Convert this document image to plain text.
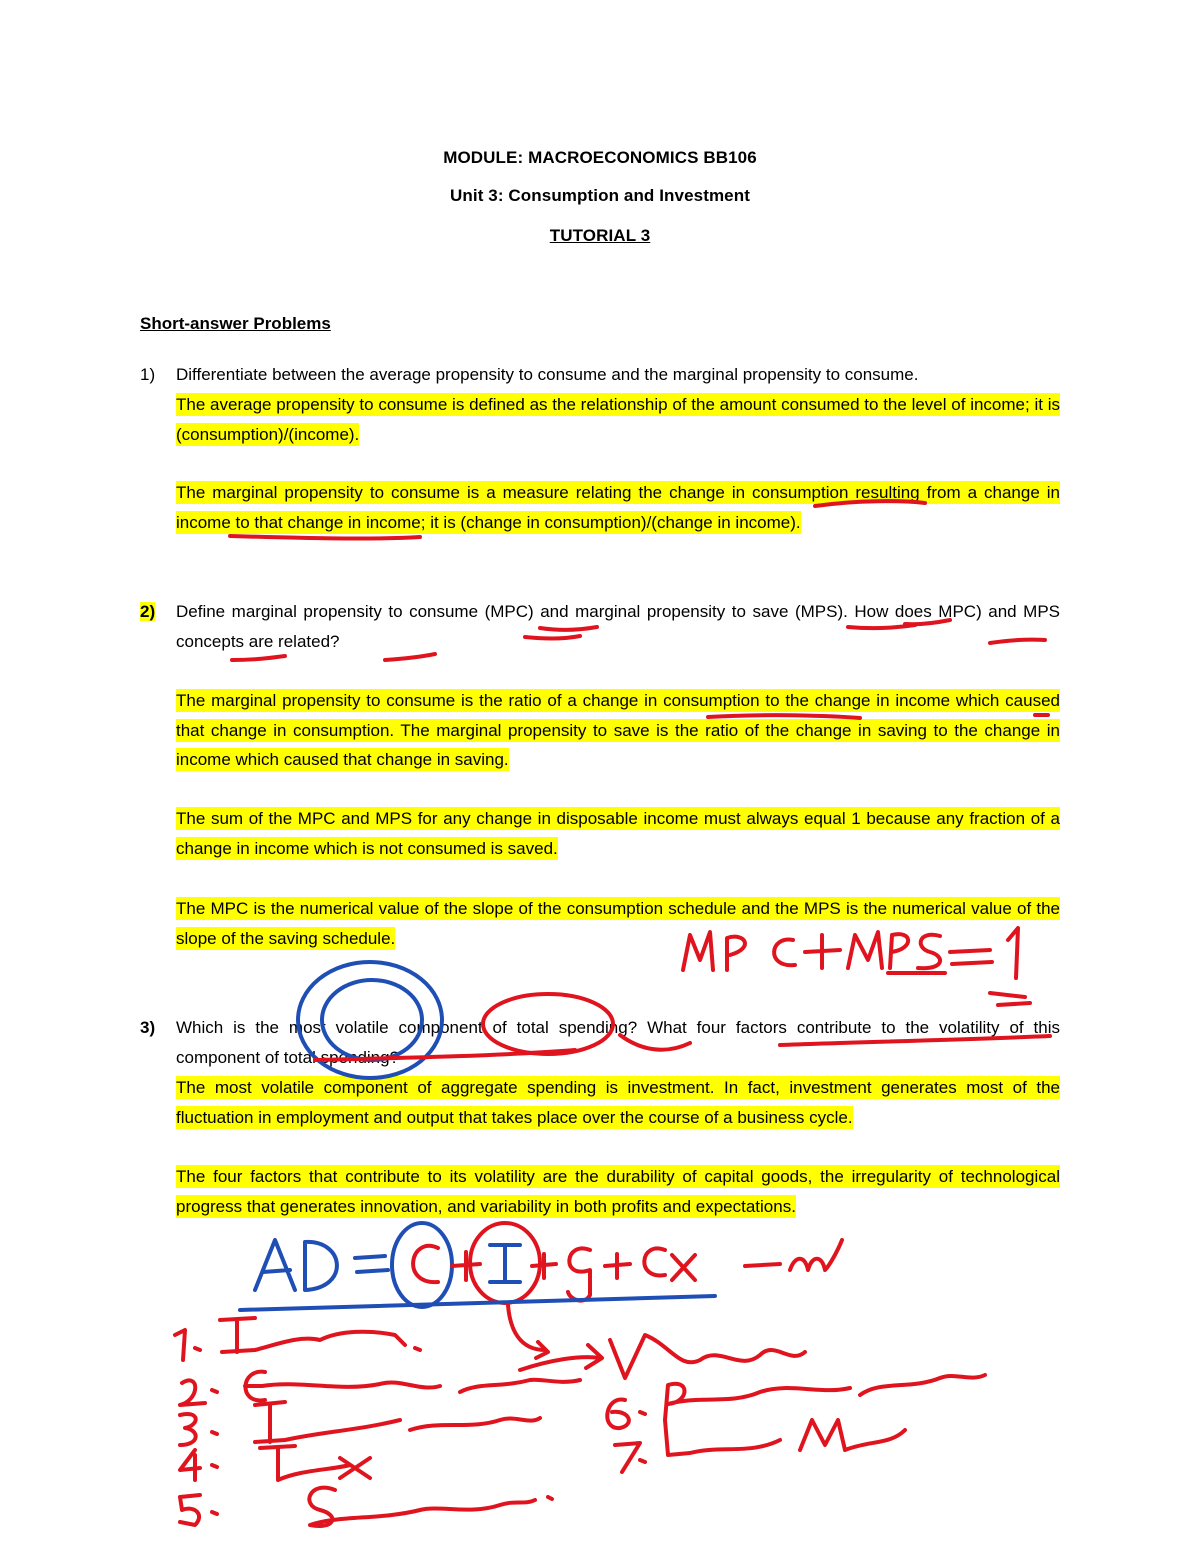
MODULE: MACROECONOMICS BB106
Unit 3: Consumption and Investment
TUTORIAL 3
Short-answer Problems
1)	Differentiate between the average propensity to consume and the marginal propensity to consume.
The average propensity to consume is defined as the relationship of the amount consumed to the level of income; it is (consumption)/(income).
The marginal propensity to consume is a measure relating the change in consumption resulting from a change in income to that change in income; it is (change in consumption)/(change in income).
2)	Define marginal propensity to consume (MPC) and marginal propensity to save (MPS). How does MPC) and MPS concepts are related?
The marginal propensity to consume is the ratio of a change in consumption to the change in income which caused that change in consumption. The marginal propensity to save is the ratio of the change in saving to the change in income which caused that change in saving.
The sum of the MPC and MPS for any change in disposable income must always equal 1 because any fraction of a change in income which is not consumed is saved.
The MPC is the numerical value of the slope of the consumption schedule and the MPS is the numerical value of the slope of the saving schedule.
3)	Which is the most volatile component of total spending? What four factors contribute to the volatility of this component of total spending?
The most volatile component of aggregate spending is investment. In fact, investment generates most of the fluctuation in employment and output that takes place over the course of a business cycle.
The four factors that contribute to its volatility are the durability of capital goods, the irregularity of technological progress that generates innovation, and variability in both profits and expectations.
